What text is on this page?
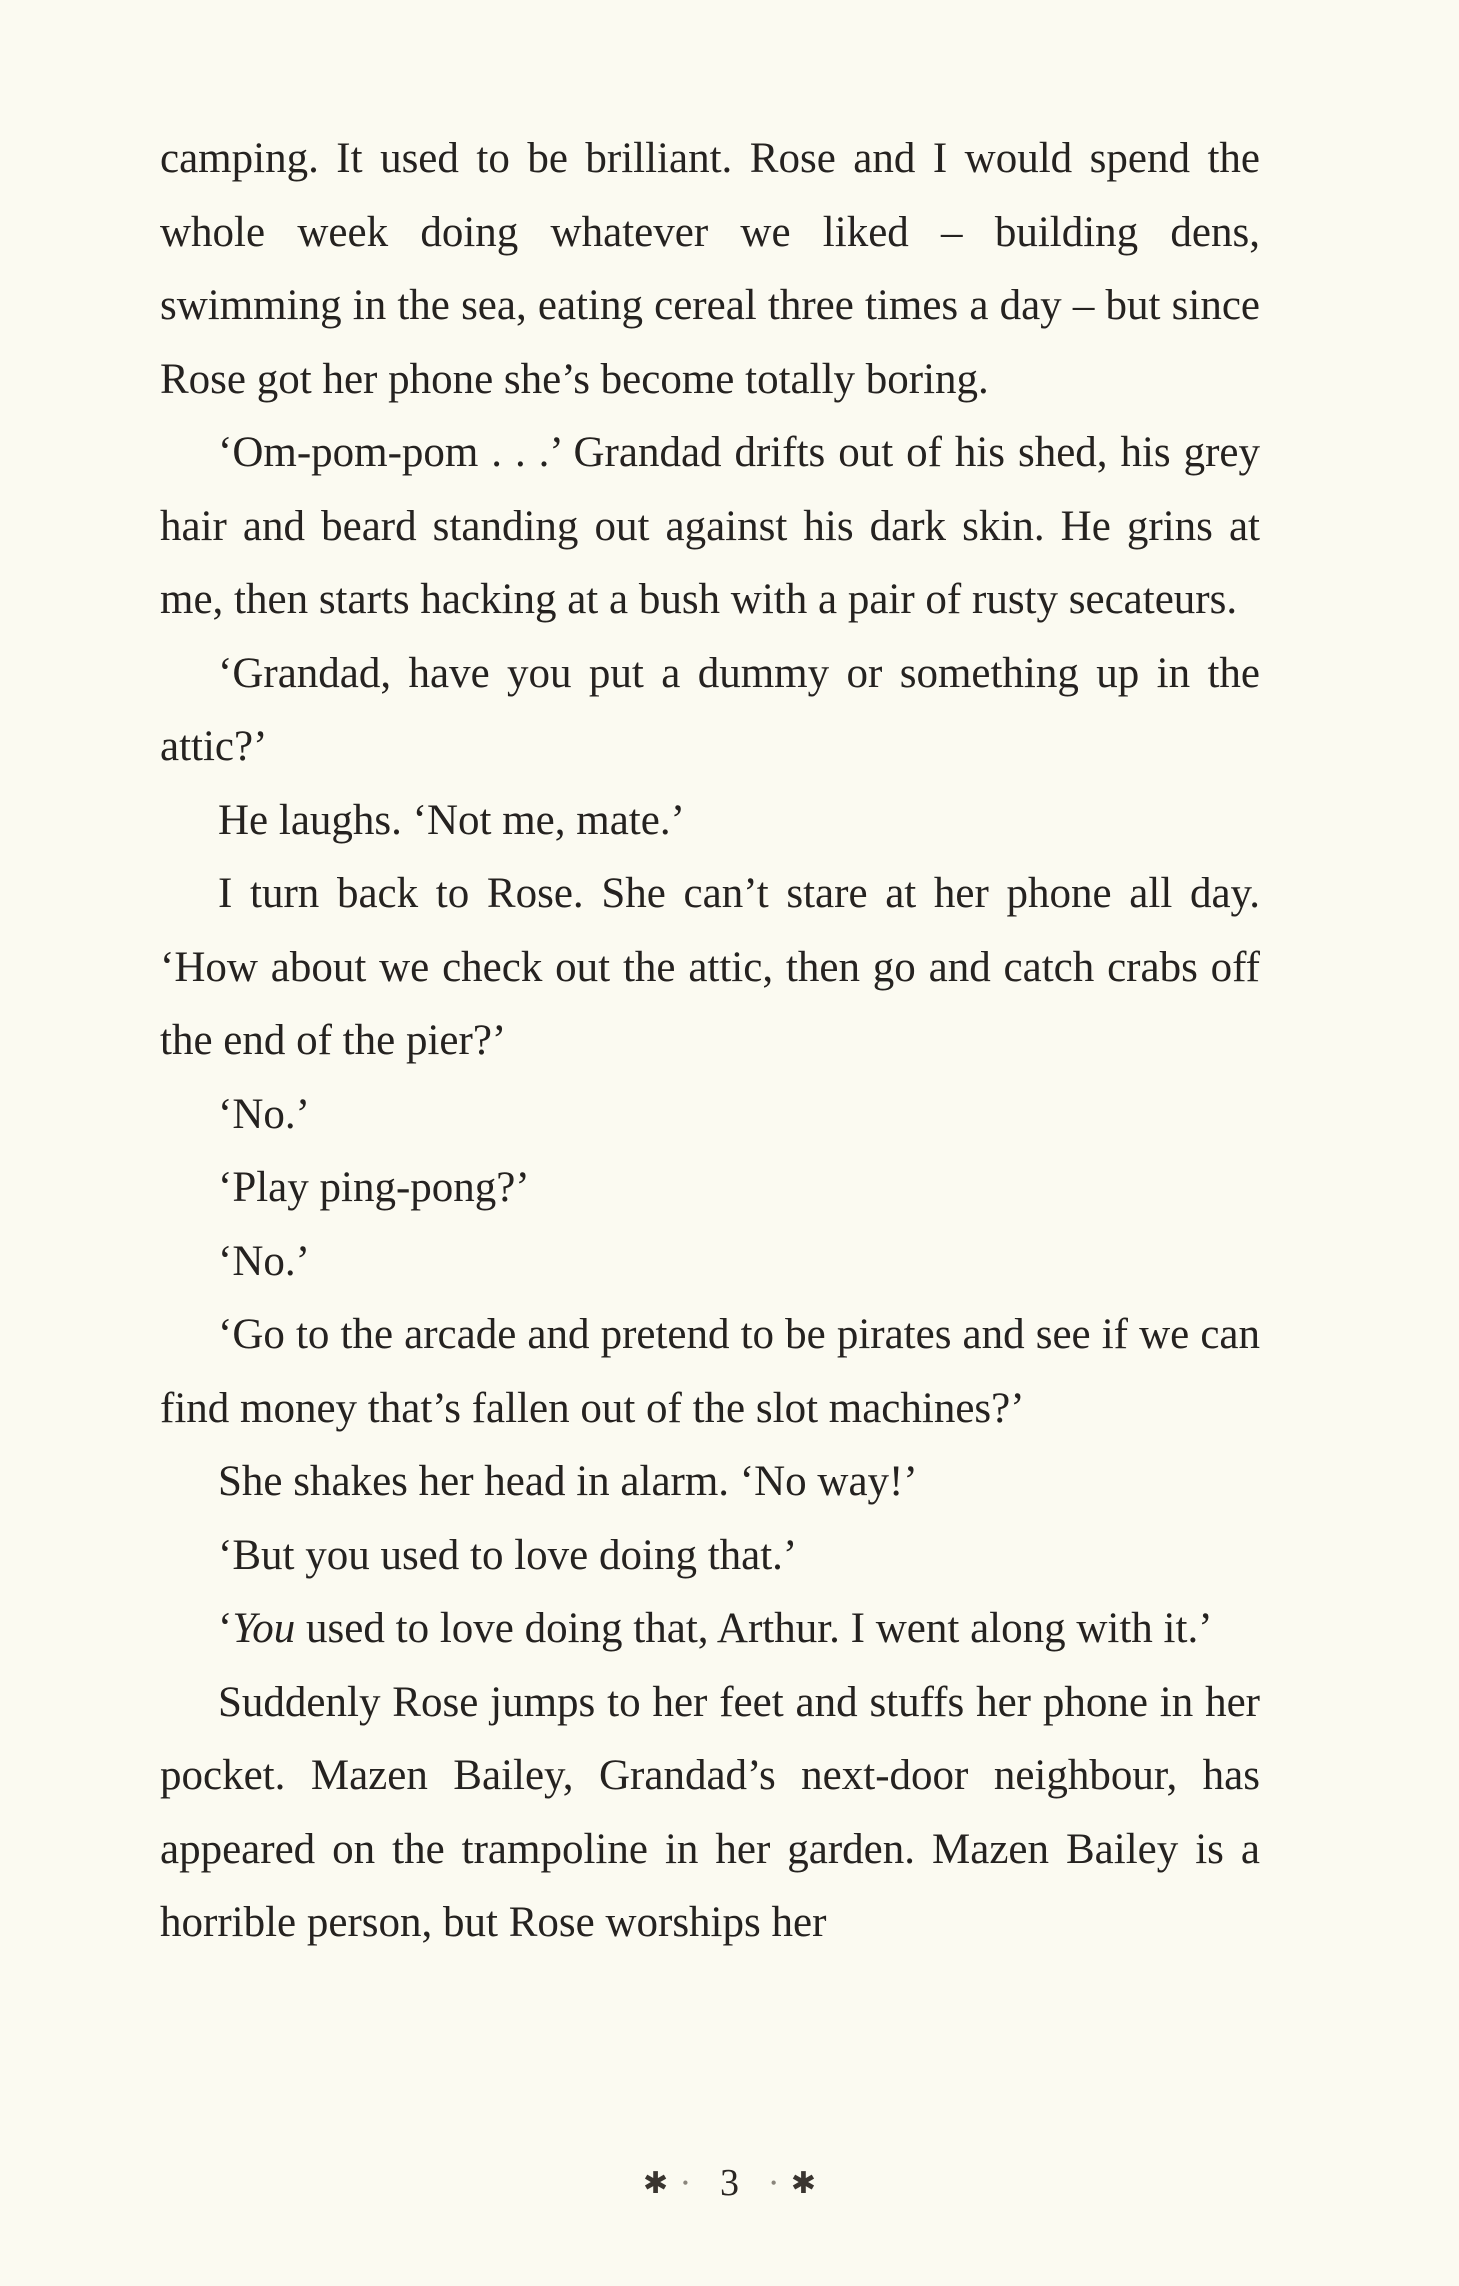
camping. It used to be brilliant. Rose and I would spend the whole week doing whatever we liked – building dens, swimming in the sea, eating cereal three times a day – but since Rose got her phone she’s become totally boring.

‘Om-pom-pom . . .’ Grandad drifts out of his shed, his grey hair and beard standing out against his dark skin. He grins at me, then starts hacking at a bush with a pair of rusty secateurs.

‘Grandad, have you put a dummy or something up in the attic?’

He laughs. ‘Not me, mate.’

I turn back to Rose. She can’t stare at her phone all day. ‘How about we check out the attic, then go and catch crabs off the end of the pier?’

‘No.’

‘Play ping-pong?’

‘No.’

‘Go to the arcade and pretend to be pirates and see if we can find money that’s fallen out of the slot machines?’

She shakes her head in alarm. ‘No way!’

‘But you used to love doing that.’

‘You used to love doing that, Arthur. I went along with it.’

Suddenly Rose jumps to her feet and stuffs her phone in her pocket. Mazen Bailey, Grandad’s next-door neighbour, has appeared on the trampoline in her garden. Mazen Bailey is a horrible person, but Rose worships her

✱ • 3 • ✱
